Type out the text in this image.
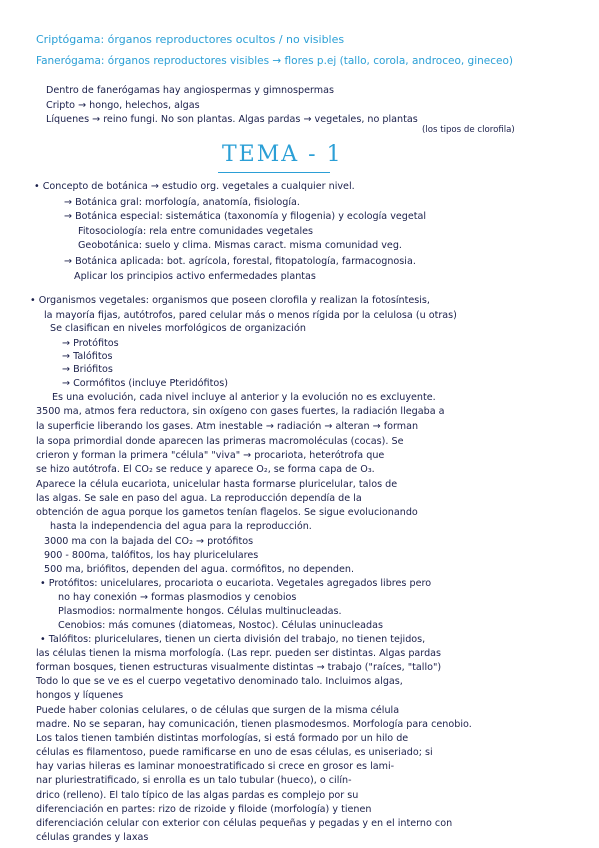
Criptógama: órganos reproductores ocultos / no visibles
Fanerógama: órganos reproductores visibles → flores p.ej (tallo, corola, androceo, gineceo)
Dentro de fanerógamas hay angiospermas y gimnospermas
Cripto → hongo, helechos, algas
Líquenes → reino fungi. No son plantas. Algas pardas → vegetales, no plantas
(los tipos de clorofila)
TEMA - 1
• Concepto de botánica → estudio org. vegetales a cualquier nivel.
→ Botánica gral: morfología, anatomía, fisiología.
→ Botánica especial: sistemática (taxonomía y filogenia) y ecología vegetal
Fitosociología: rela entre comunidades vegetales
Geobotánica: suelo y clima. Mismas caract. misma comunidad veg.
→ Botánica aplicada: bot. agrícola, forestal, fitopatología, farmacognosia.
Aplicar los principios activo enfermedades plantas
• Organismos vegetales: organismos que poseen clorofila y realizan la fotosíntesis,
la mayoría fijas, autótrofos, pared celular más o menos rígida por la celulosa (u otras)
Se clasifican en niveles morfológicos de organización
→ Protófitos
→ Talófitos
→ Briófitos
→ Cormófitos (incluye Pteridófitos)
Es una evolución, cada nivel incluye al anterior y la evolución no es excluyente.
3500 ma, atmos fera reductora, sin oxígeno con gases fuertes, la radiación llegaba a
la superficie liberando los gases. Atm inestable → radiación → alteran → forman
la sopa primordial donde aparecen las primeras macromoléculas (cocas). Se
crieron y forman la primera "célula" "viva" → procariota, heterótrofa que
se hizo autótrofa. El CO₂ se reduce y aparece O₂, se forma capa de O₃.
Aparece la célula eucariota, unicelular hasta formarse pluricelular, talos de
las algas. Se sale en paso del agua. La reproducción dependía de la
obtención de agua porque los gametos tenían flagelos. Se sigue evolucionando
hasta la independencia del agua para la reproducción.
3000 ma con la bajada del CO₂ → protófitos
900 - 800ma, talófitos, los hay pluricelulares
500 ma, briófitos, dependen del agua. cormófitos, no dependen.
• Protófitos: unicelulares, procariota o eucariota. Vegetales agregados libres pero
no hay conexión → formas plasmodios y cenobios
Plasmodios: normalmente hongos. Células multinucleadas.
Cenobios: más comunes (diatomeas, Nostoc). Células uninucleadas
• Talófitos: pluricelulares, tienen un cierta división del trabajo, no tienen tejidos,
las células tienen la misma morfología. (Las repr. pueden ser distintas. Algas pardas
forman bosques, tienen estructuras visualmente distintas → trabajo ("raíces, "tallo")
Todo lo que se ve es el cuerpo vegetativo denominado talo. Incluimos algas,
hongos y líquenes
Puede haber colonias celulares, o de células que surgen de la misma célula
madre. No se separan, hay comunicación, tienen plasmodesmos. Morfología para cenobio.
Los talos tienen también distintas morfologías, si está formado por un hilo de
células es filamentoso, puede ramificarse en uno de esas células, es uniseriado; si
hay varias hileras es laminar monoestratificado si crece en grosor es lami-
nar pluriestratificado, si enrolla es un talo tubular (hueco), o cilín-
drico (relleno). El talo típico de las algas pardas es complejo por su
diferenciación en partes: rizo de rizoide y filoide (morfología) y tienen
diferenciación celular con exterior con células pequeñas y pegadas y en el interno con
células grandes y laxas
